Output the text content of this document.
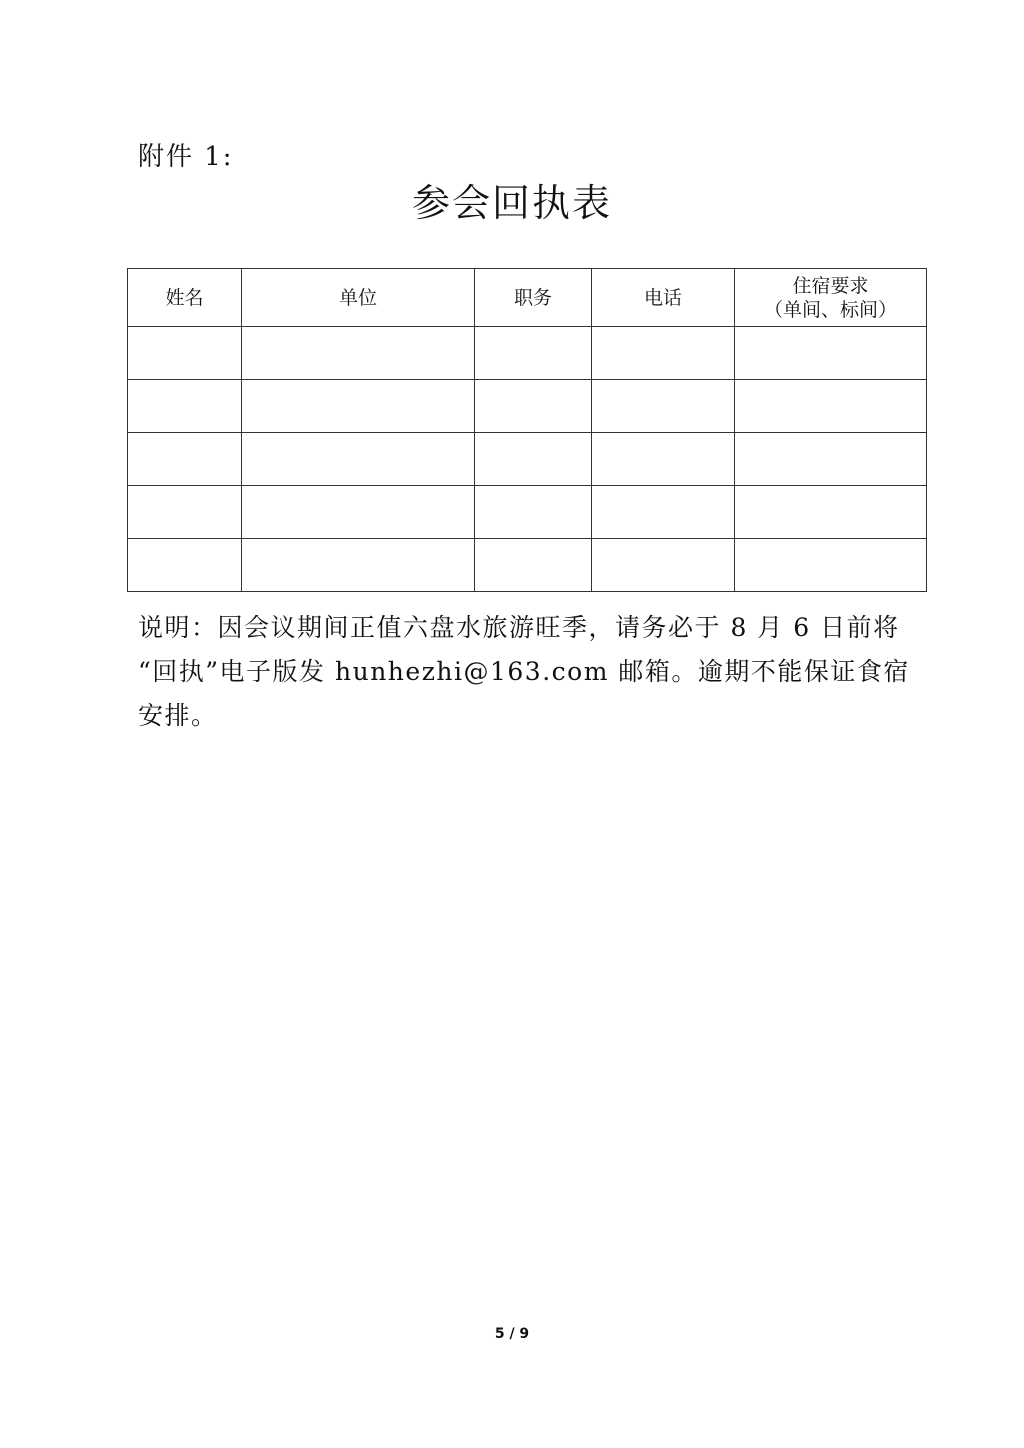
附件 1:
参会回执表
姓名	单位	职务	电话	住宿要求
（单间、标间）

说明：因会议期间正值六盘水旅游旺季，请务必于 8 月 6 日前将
“回执”电子版发 hunhezhi@163.com 邮箱。逾期不能保证食宿
安排。
5 / 9
